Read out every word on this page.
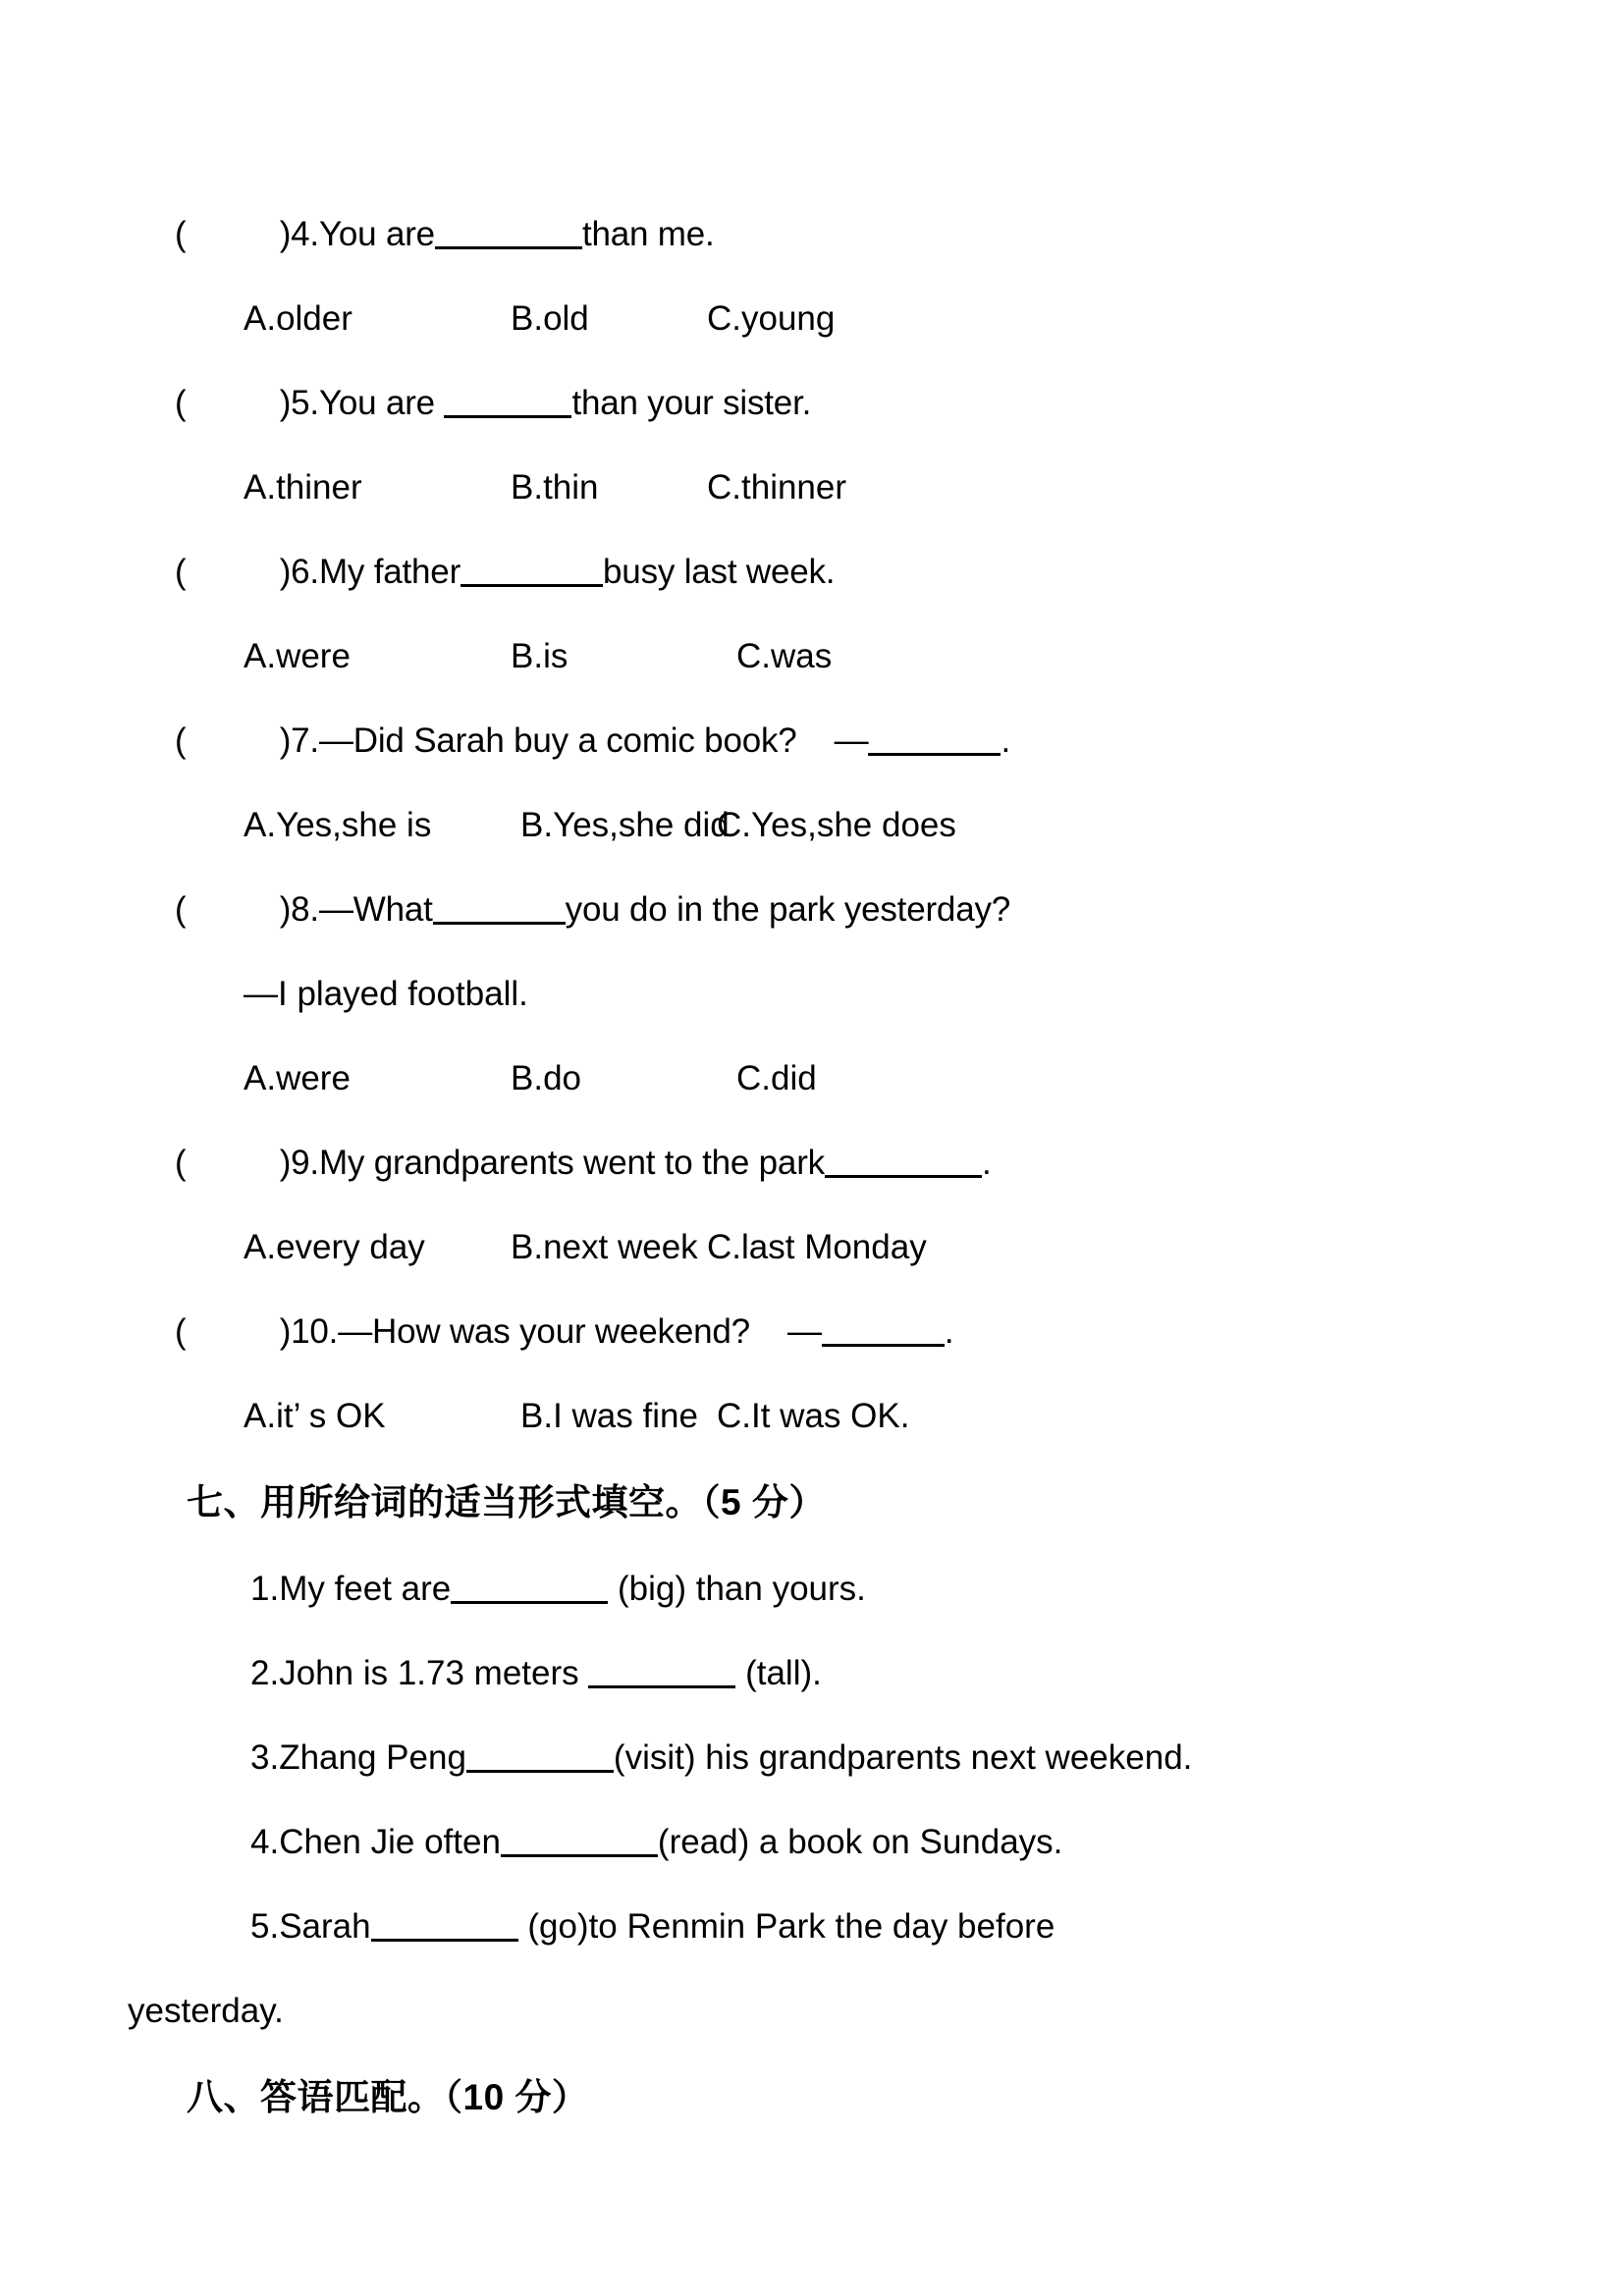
(          ) 4. You are	than me.
A.older	B.old	C.young
(          ) 5. You are	than your sister.
A.thiner	B.thin	C.thinner
(          ) 6. My father	busy last week.
A.were	B.is	C.was
(          ) 7. —Did Sarah buy a comic book?    —	.
A.Yes,she is	B.Yes,she did
C.Yes,she does
(          ) 8. —What	you do in the park yesterday?
—I played football.
A.were	B.do	C.did
(          ) 9. My grandparents went to the park	.
A.every day	B.next week C.last Monday
(          ) 10. —How was your weekend?    —	.
A.it’ s OK	B.I was fine C.It was OK.
七、用所给词的适当形式填空。（5 分）
1. My feet are	(big) than yours.
2. John is 1.73 meters	(tall).
3. Zhang Peng	(visit) his grandparents next weekend.
4. Chen Jie often	(read) a book on Sundays.
5. Sarah	(go)to Renmin Park the day before
yesterday.
八、答语匹配。（10 分）
